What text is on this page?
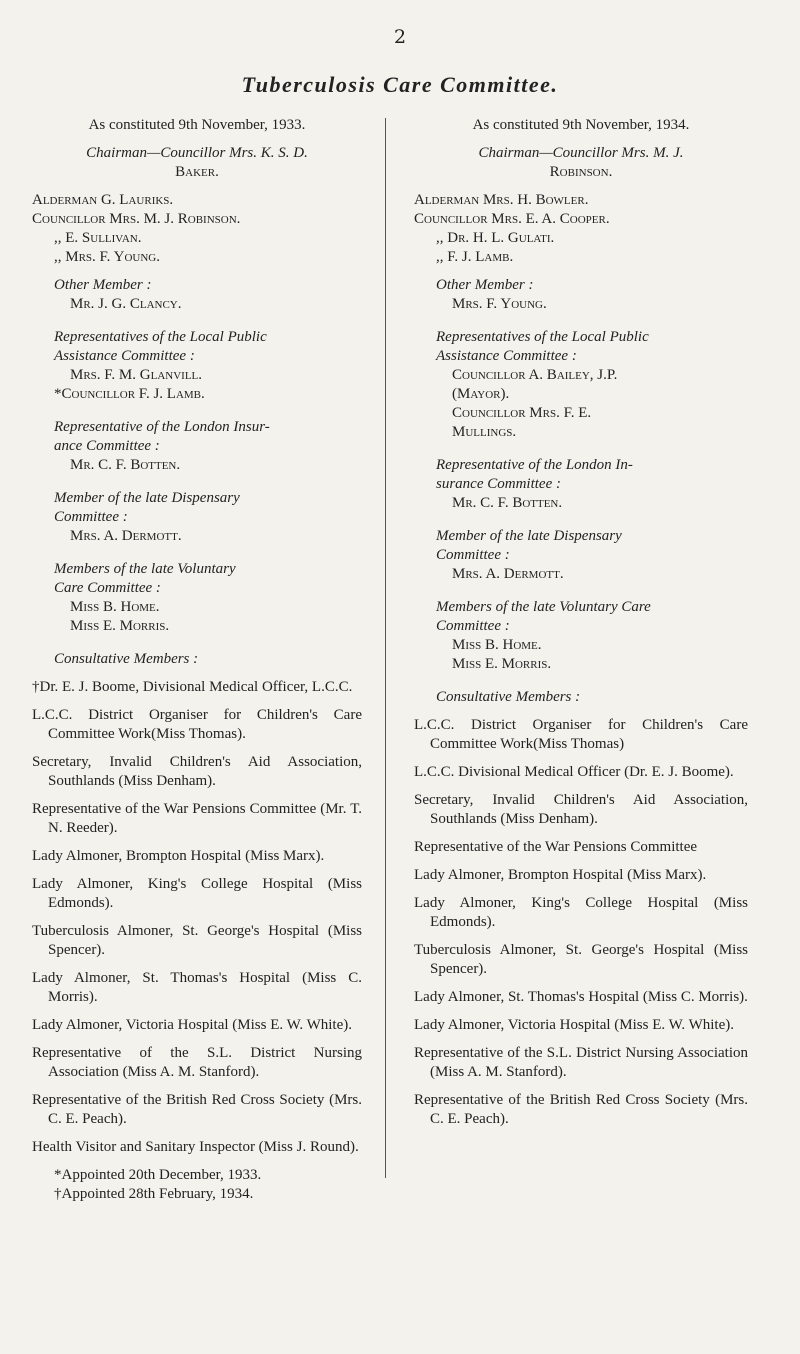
2
Tuberculosis Care Committee.

As constituted 9th November, 1933.

Chairman—Councillor Mrs. K. S. D.

Baker.

Alderman G. Lauriks.

Councillor Mrs. M. J. Robinson.

,, E. Sullivan.

,, Mrs. F. Young.

Other Member :

Mr. J. G. Clancy.

Representatives of the Local Public

Assistance Committee :

Mrs. F. M. Glanvill.

*Councillor F. J. Lamb.

Representative of the London Insur-

ance Committee :

Mr. C. F. Botten.

Member of the late Dispensary

Committee :

Mrs. A. Dermott.

Members of the late Voluntary

Care Committee :

Miss B. Home.

Miss E. Morris.

Consultative Members :

†Dr. E. J. Boome, Divisional Medical Officer, L.C.C.

L.C.C. District Organiser for Children's Care Committee Work(Miss Thomas).

Secretary, Invalid Children's Aid Association, Southlands (Miss Denham).

Representative of the War Pensions Committee (Mr. T. N. Reeder).

Lady Almoner, Brompton Hospital (Miss Marx).

Lady Almoner, King's College Hospital (Miss Edmonds).

Tuberculosis Almoner, St. George's Hospital (Miss Spencer).

Lady Almoner, St. Thomas's Hospital (Miss C. Morris).

Lady Almoner, Victoria Hospital (Miss E. W. White).

Representative of the S.L. District Nursing Association (Miss A. M. Stanford).

Representative of the British Red Cross Society (Mrs. C. E. Peach).

Health Visitor and Sanitary Inspector (Miss J. Round).

*Appointed 20th December, 1933.

†Appointed 28th February, 1934.

As constituted 9th November, 1934.

Chairman—Councillor Mrs. M. J.

Robinson.

Alderman Mrs. H. Bowler.

Councillor Mrs. E. A. Cooper.

,, Dr. H. L. Gulati.

,, F. J. Lamb.

Other Member :

Mrs. F. Young.

Representatives of the Local Public

Assistance Committee :

Councillor A. Bailey, J.P.

(Mayor).

Councillor Mrs. F. E.

Mullings.

Representative of the London In-

surance Committee :

Mr. C. F. Botten.

Member of the late Dispensary

Committee :

Mrs. A. Dermott.

Members of the late Voluntary Care

Committee :

Miss B. Home.

Miss E. Morris.

Consultative Members :

L.C.C. District Organiser for Children's Care Committee Work(Miss Thomas)

L.C.C. Divisional Medical Officer (Dr. E. J. Boome).

Secretary, Invalid Children's Aid Association, Southlands (Miss Denham).

Representative of the War Pensions Committee

Lady Almoner, Brompton Hospital (Miss Marx).

Lady Almoner, King's College Hospital (Miss Edmonds).

Tuberculosis Almoner, St. George's Hospital (Miss Spencer).

Lady Almoner, St. Thomas's Hospital (Miss C. Morris).

Lady Almoner, Victoria Hospital (Miss E. W. White).

Representative of the S.L. District Nursing Association (Miss A. M. Stanford).

Representative of the British Red Cross Society (Mrs. C. E. Peach).
